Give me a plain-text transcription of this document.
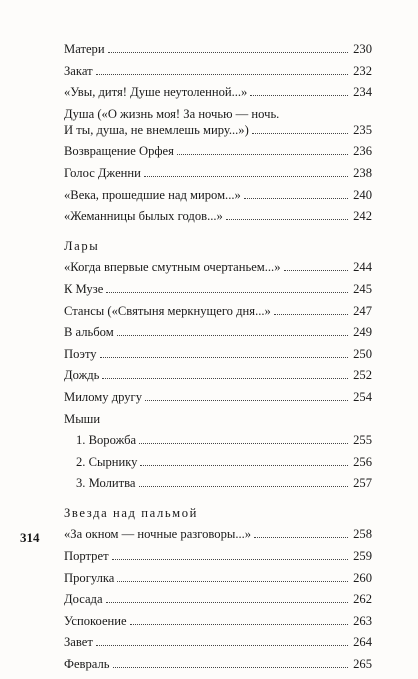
Матери	230
Закат	232
«Увы, дитя! Душе неутоленной...»	234
Душа («О жизнь моя! За ночью — ночь.
И ты, душа, не внемлешь миру...»)	235
Возвращение Орфея	236
Голос Дженни	238
«Века, прошедшие над миром...»	240
«Жеманницы былых годов...»	242
Лары
«Когда впервые смутным очертаньем...»	244
К Музе	245
Стансы («Святыня меркнущего дня...»	247
В альбом	249
Поэту	250
Дождь	252
Милому другу	254
Мыши
1. Ворожба	255
2. Сырнику	256
3. Молитва	257
Звезда над пальмой
«За окном — ночные разговоры...»	258
Портрет	259
Прогулка	260
Досада	262
Успокоение	263
Завет	264
Февраль	265
314
